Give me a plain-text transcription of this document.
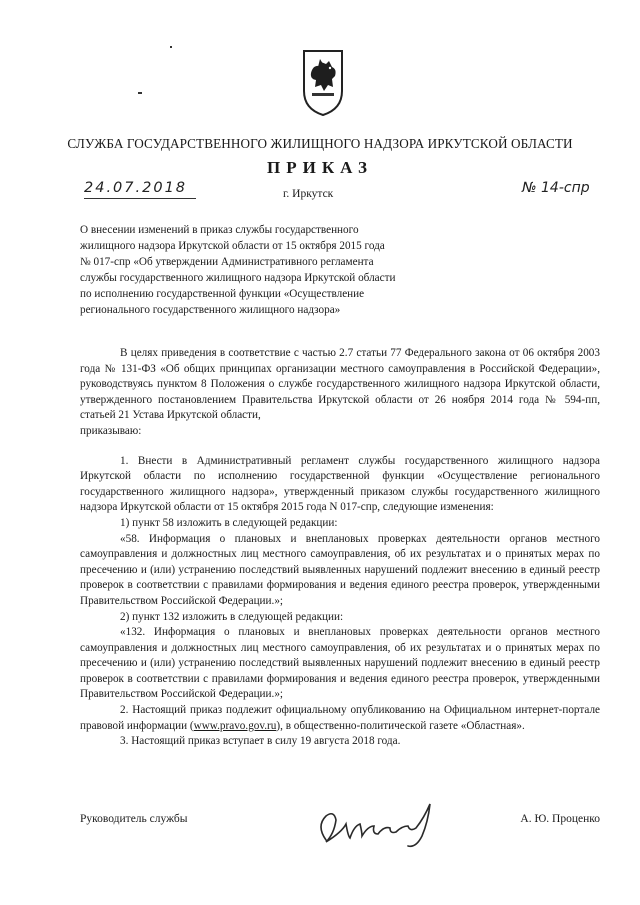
СЛУЖБА ГОСУДАРСТВЕННОГО ЖИЛИЩНОГО НАДЗОРА ИРКУТСКОЙ ОБЛАСТИ
ПРИКАЗ
24.07.2018	г. Иркутск	№ 14-спр
О внесении изменений в приказ службы государственного
жилищного надзора Иркутской области от 15 октября 2015 года
№ 017-спр «Об утверждении Административного регламента
службы государственного жилищного надзора Иркутской области
по исполнению государственной функции «Осуществление
регионального государственного жилищного надзора»

В целях приведения в соответствие с частью 2.7 статьи 77 Федерального закона от 06 октября 2003 года № 131-ФЗ «Об общих принципах организации местного самоуправления в Российской Федерации», руководствуясь пунктом 8 Положения о службе государственного жилищного надзора Иркутской области, утвержденного постановлением Правительства Иркутской области от 26 ноября 2014 года № 594-пп, статьей 21 Устава Иркутской области,

приказываю:

1. Внести в Административный регламент службы государственного жилищного надзора Иркутской области по исполнению государственной функции «Осуществление регионального государственного жилищного надзора», утвержденный приказом службы государственного жилищного надзора Иркутской области от 15 октября 2015 года N 017-спр, следующие изменения:

1) пункт 58 изложить в следующей редакции:

«58. Информация о плановых и внеплановых проверках деятельности органов местного самоуправления и должностных лиц местного самоуправления, об их результатах и о принятых мерах по пресечению и (или) устранению последствий выявленных нарушений подлежит внесению в единый реестр проверок в соответствии с правилами формирования и ведения единого реестра проверок, утвержденными Правительством Российской Федерации.»;

2) пункт 132 изложить в следующей редакции:

«132. Информация о плановых и внеплановых проверках деятельности органов местного самоуправления и должностных лиц местного самоуправления, об их результатах и о принятых мерах по пресечению и (или) устранению последствий выявленных нарушений подлежит внесению в единый реестр проверок в соответствии с правилами формирования и ведения единого реестра проверок, утвержденными Правительством Российской Федерации.»;

2. Настоящий приказ подлежит официальному опубликованию на Официальном интернет-портале правовой информации (www.pravo.gov.ru), в общественно-политической газете «Областная».

3. Настоящий приказ вступает в силу 19 августа 2018 года.

Руководитель службы	А. Ю. Проценко
